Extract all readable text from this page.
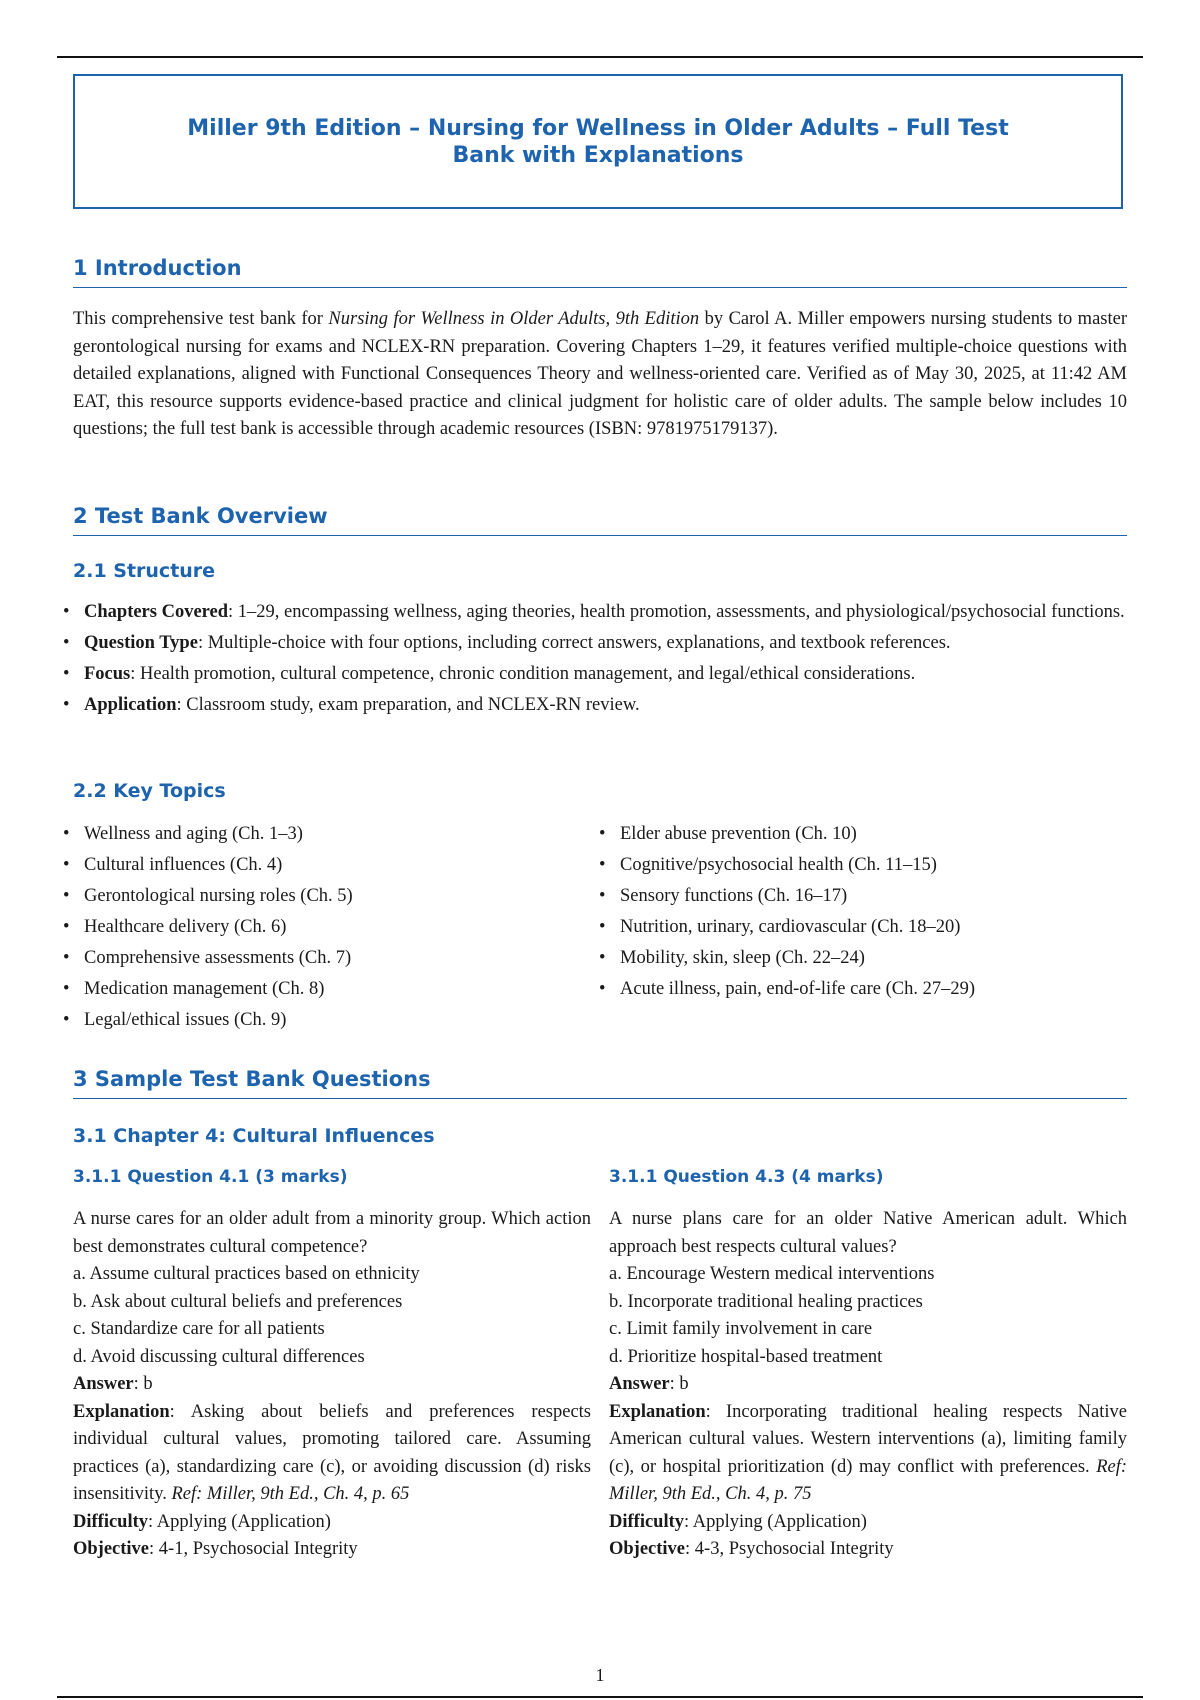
Miller 9th Edition – Nursing for Wellness in Older Adults – Full Test Bank with Explanations
1 Introduction

This comprehensive test bank for Nursing for Wellness in Older Adults, 9th Edition by Carol A. Miller empowers nursing students to master gerontological nursing for exams and NCLEX-RN preparation. Covering Chapters 1–29, it features verified multiple-choice questions with detailed explanations, aligned with Functional Consequences Theory and wellness-oriented care. Verified as of May 30, 2025, at 11:42 AM EAT, this resource supports evidence-based practice and clinical judgment for holistic care of older adults. The sample below includes 10 questions; the full test bank is accessible through academic resources (ISBN: 9781975179137).

2 Test Bank Overview
2.1 Structure
• Chapters Covered: 1–29, encompassing wellness, aging theories, health promotion, assessments, and physiological/psychosocial functions.
• Question Type: Multiple-choice with four options, including correct answers, explanations, and textbook references.
• Focus: Health promotion, cultural competence, chronic condition management, and legal/ethical considerations.
• Application: Classroom study, exam preparation, and NCLEX-RN review.
2.2 Key Topics
• Wellness and aging (Ch. 1–3)
• Cultural influences (Ch. 4)
• Gerontological nursing roles (Ch. 5)
• Healthcare delivery (Ch. 6)
• Comprehensive assessments (Ch. 7)
• Medication management (Ch. 8)
• Legal/ethical issues (Ch. 9)
• Elder abuse prevention (Ch. 10)
• Cognitive/psychosocial health (Ch. 11–15)
• Sensory functions (Ch. 16–17)
• Nutrition, urinary, cardiovascular (Ch. 18–20)
• Mobility, skin, sleep (Ch. 22–24)
• Acute illness, pain, end-of-life care (Ch. 27–29)
3 Sample Test Bank Questions
3.1 Chapter 4: Cultural Influences
3.1.1 Question 4.1 (3 marks)	3.1.1 Question 4.3 (4 marks)

A nurse cares for an older adult from a minority group. Which action best demonstrates cultural competence?

a. Assume cultural practices based on ethnicity

b. Ask about cultural beliefs and preferences

c. Standardize care for all patients

d. Avoid discussing cultural differences

Answer: b

Explanation: Asking about beliefs and preferences respects individual cultural values, promoting tailored care. Assuming practices (a), standardizing care (c), or avoiding discussion (d) risks insensitivity. Ref: Miller, 9th Ed., Ch. 4, p. 65

Difficulty: Applying (Application)

Objective: 4-1, Psychosocial Integrity

A nurse plans care for an older Native American adult. Which approach best respects cultural values?

a. Encourage Western medical interventions

b. Incorporate traditional healing practices

c. Limit family involvement in care

d. Prioritize hospital-based treatment

Answer: b

Explanation: Incorporating traditional healing respects Native American cultural values. Western interventions (a), limiting family (c), or hospital prioritization (d) may conflict with preferences. Ref: Miller, 9th Ed., Ch. 4, p. 75

Difficulty: Applying (Application)

Objective: 4-3, Psychosocial Integrity

1
